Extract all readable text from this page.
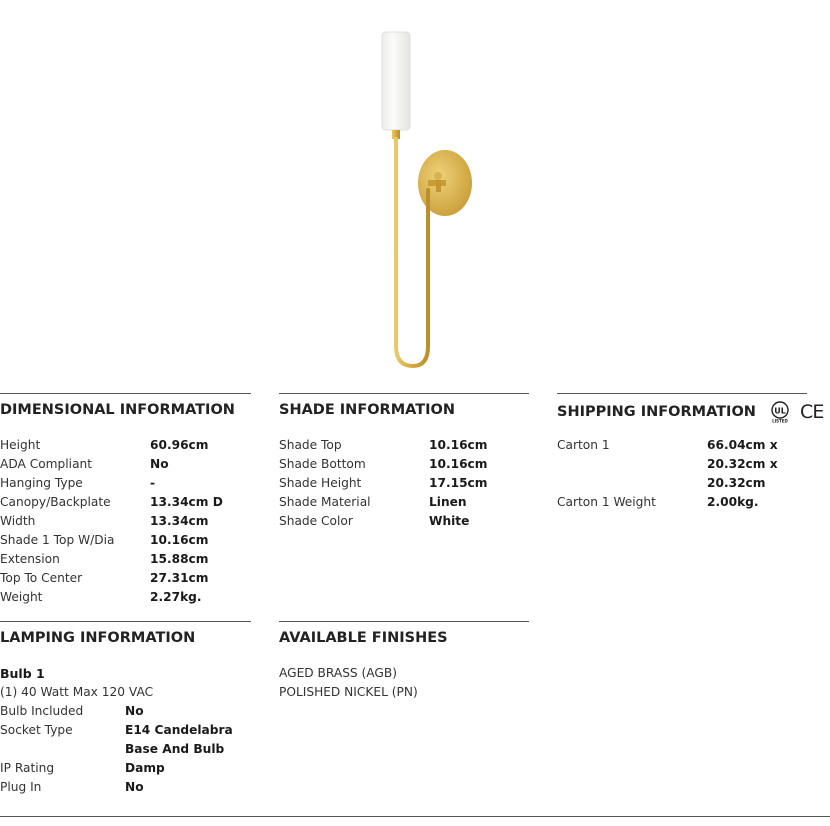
DIMENSIONAL INFORMATION
Height	60.96cm
ADA Compliant	No
Hanging Type	-
Canopy/Backplate	13.34cm D
Width	13.34cm
Shade 1 Top W/Dia	10.16cm
Extension	15.88cm
Top To Center	27.31cm
Weight	2.27kg.
SHADE INFORMATION
Shade Top	10.16cm
Shade Bottom	10.16cm
Shade Height	17.15cm
Shade Material	Linen
Shade Color	White
SHIPPING INFORMATION UL
LISTED CE
Carton 1	66.04cm x 20.32cm x 20.32cm
Carton 1 Weight	2.00kg.
LAMPING INFORMATION
Bulb 1
(1) 40 Watt Max 120 VAC
Bulb Included	No
Socket Type	E14 Candelabra Base And Bulb
IP Rating	Damp
Plug In	No
AVAILABLE FINISHES
AGED BRASS (AGB)
POLISHED NICKEL (PN)
